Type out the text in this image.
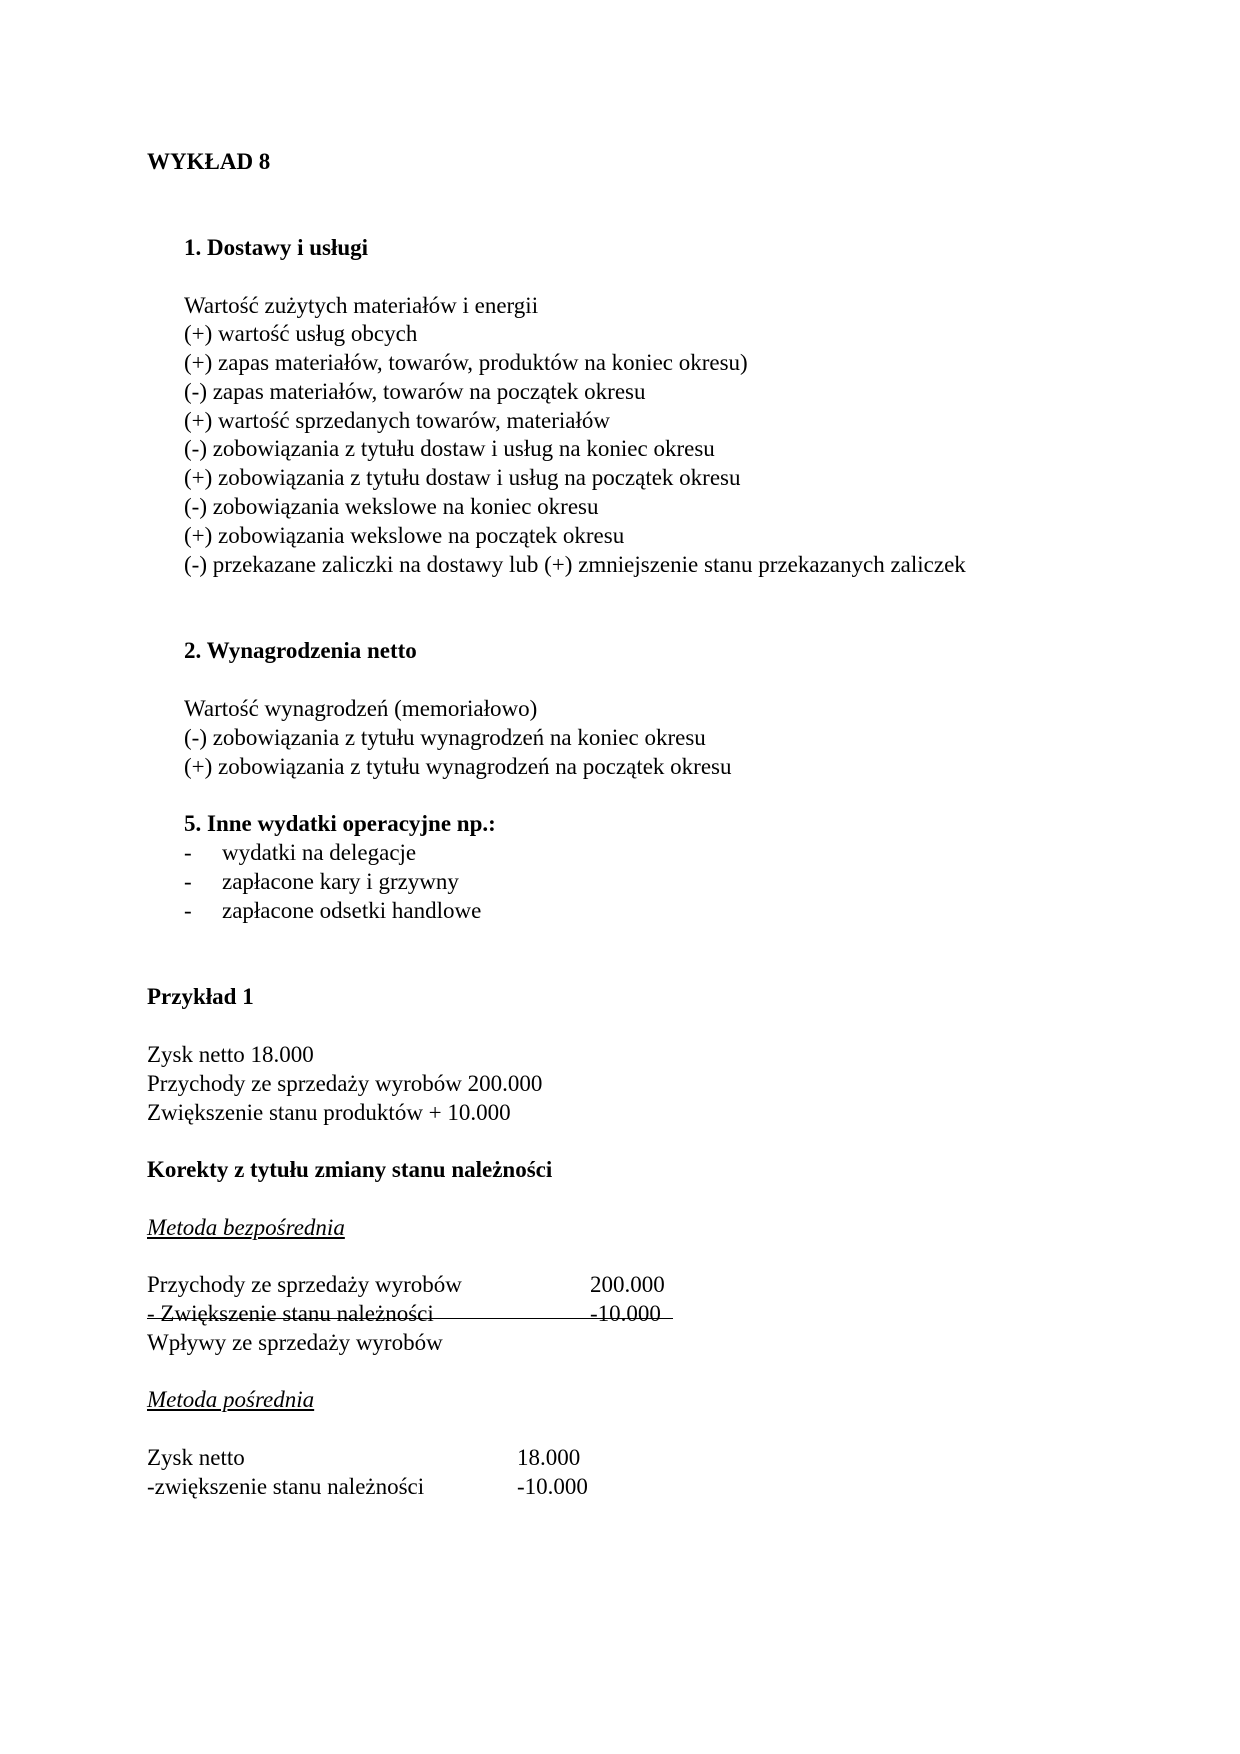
WYKŁAD 8
1. Dostawy i usługi
Wartość zużytych materiałów i energii
(+) wartość usług obcych
(+) zapas materiałów, towarów, produktów na koniec okresu)
(-) zapas materiałów, towarów na początek okresu
(+) wartość sprzedanych towarów, materiałów
(-) zobowiązania z tytułu dostaw i usług na koniec okresu
(+) zobowiązania z tytułu dostaw i usług na początek okresu
(-) zobowiązania wekslowe na koniec okresu
(+) zobowiązania wekslowe na początek okresu
(-) przekazane zaliczki na dostawy lub (+) zmniejszenie stanu przekazanych zaliczek
2. Wynagrodzenia netto
Wartość wynagrodzeń (memoriałowo)
(-) zobowiązania z tytułu wynagrodzeń na koniec okresu
(+) zobowiązania z tytułu wynagrodzeń na początek okresu
5. Inne wydatki operacyjne np.:
- wydatki na delegacje
- zapłacone kary i grzywny
- zapłacone odsetki handlowe
Przykład 1
Zysk netto 18.000
Przychody ze sprzedaży wyrobów 200.000
Zwiększenie stanu produktów + 10.000
Korekty z tytułu zmiany stanu należności
Metoda bezpośrednia
Przychody ze sprzedaży wyrobów	200.000
- Zwiększenie stanu należności	-10.000
Wpływy ze sprzedaży wyrobów
Metoda pośrednia
Zysk netto	18.000
-zwiększenie stanu należności	-10.000
